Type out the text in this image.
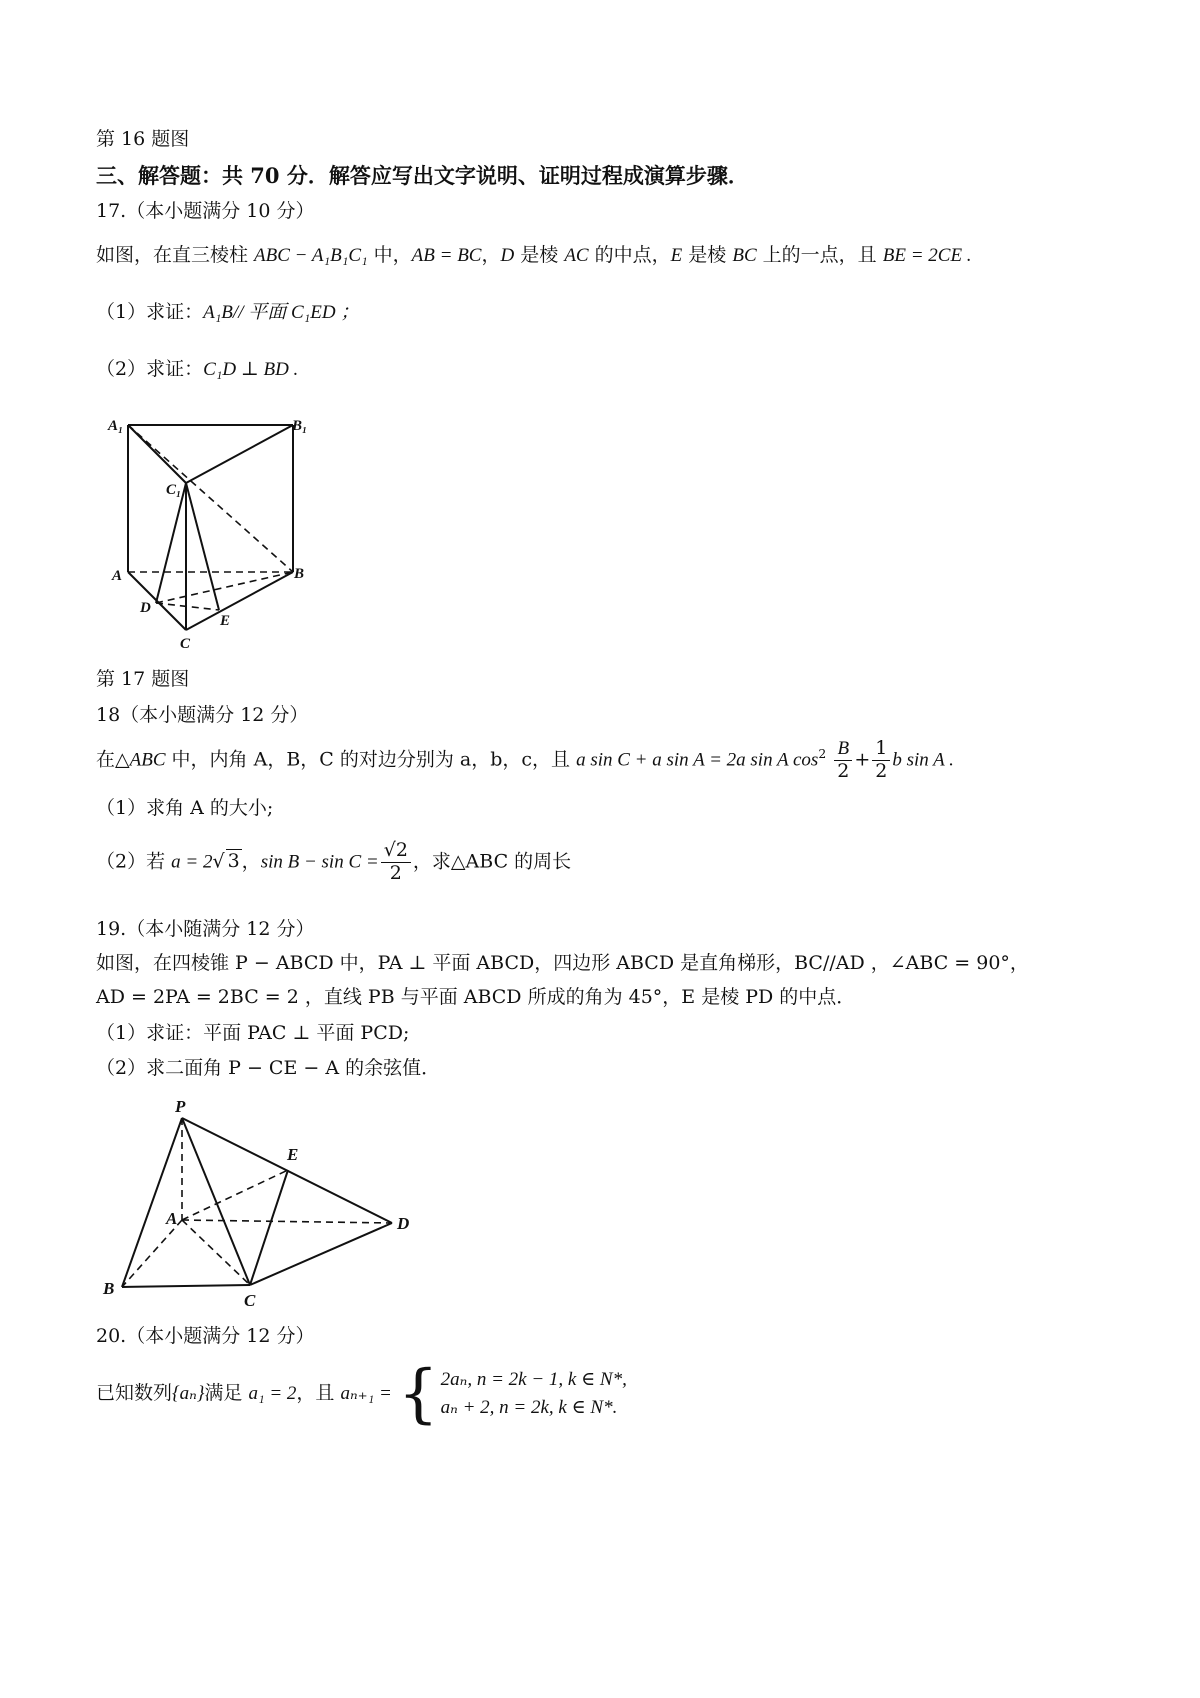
第 16 题图
三、解答题：共 70 分．解答应写出文字说明、证明过程成演算步骤．
17.（本小题满分 10 分）
如图，在直三棱柱 ABC − A₁B₁C₁ 中，AB = BC，D 是棱 AC 的中点，E 是棱 BC 上的一点，且 BE = 2CE .
（1）求证：A₁B// 平面 C₁ED ；
（2）求证：C₁D ⊥ BD .
A₁	B₁
C₁
A	B
D
E
C
第 17 题图
18（本小题满分 12 分）
在△ABC 中，内角 A，B，C 的对边分别为 a，b，c，且 a sin C + a sin A = 2a sin A $\cos^2 \frac{B}{2} + \frac{1}{2}$ b sin A .
（1）求角 A 的大小;
（2）若 a = 2√ 3 ，$\sin B - \sin C = \frac{√2}{2}$ ，求△ABC 的周长
19.（本小随满分 12 分）
如图，在四棱锥 P − ABCD 中，PA ⊥ 平面 ABCD，四边形 ABCD 是直角梯形，BC//AD ，∠ABC = 90°，
AD = 2PA = 2BC = 2 ，直线 PB 与平面 ABCD 所成的角为 45°，E 是棱 PD 的中点．
（1）求证：平面 PAC ⊥ 平面 PCD;
（2）求二面角 P − CE − A 的余弦值．
P
E
A	D
B
C
20.（本小题满分 12 分）
已知数列{aₙ}满足 a₁ = 2，且 aₙ₊₁ = { 2aₙ, n = 2k − 1, k ∈ N*,
aₙ + 2, n = 2k, k ∈ N*.
